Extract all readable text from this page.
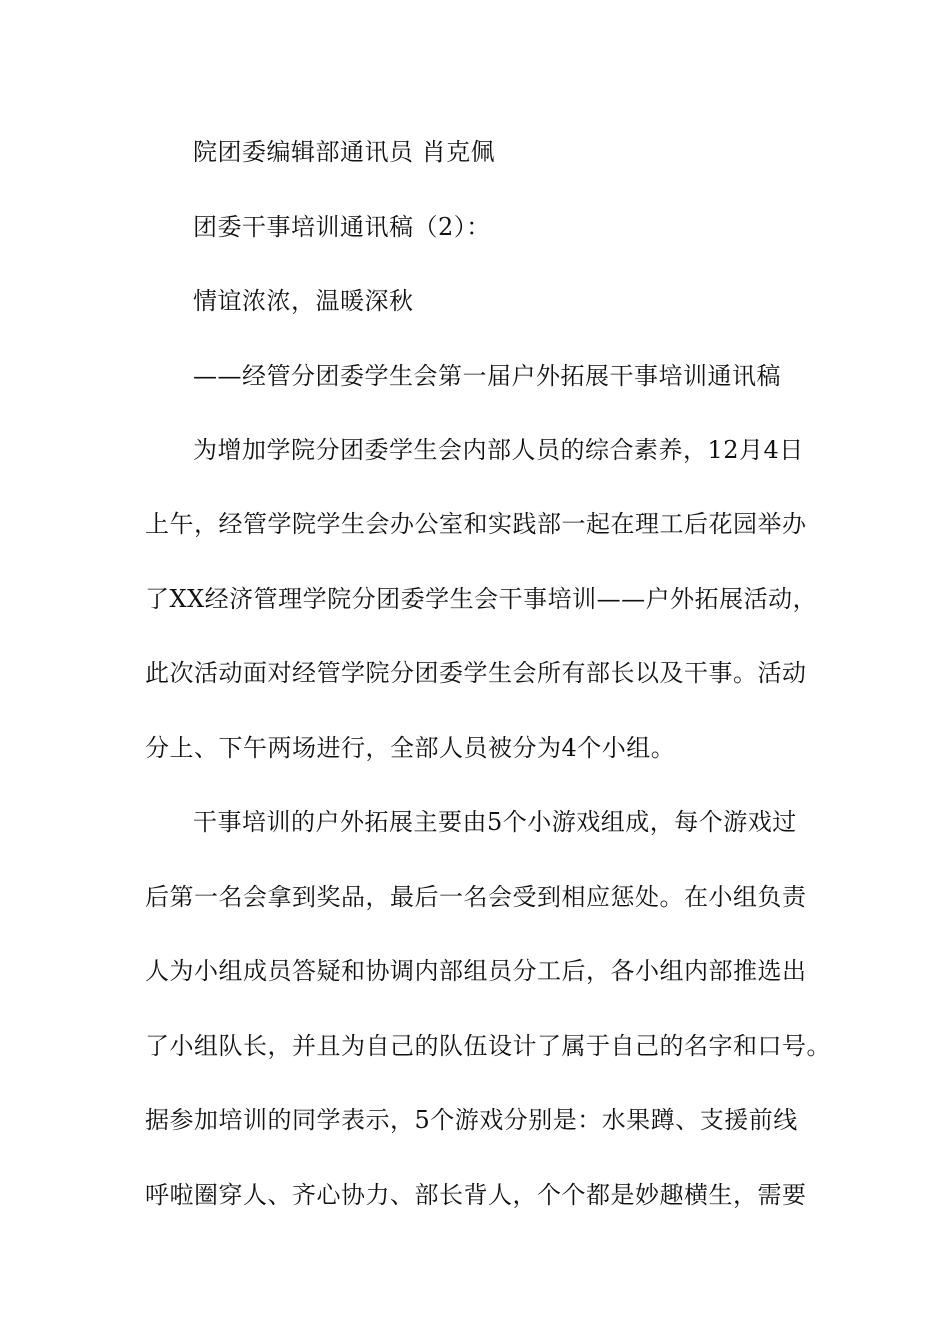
院团委编辑部通讯员 肖克佩
团委干事培训通讯稿（2）：
情谊浓浓，温暖深秋
——经管分团委学生会第一届户外拓展干事培训通讯稿
为增加学院分团委学生会内部人员的综合素养，12月4日
上午，经管学院学生会办公室和实践部一起在理工后花园举办
了XX经济管理学院分团委学生会干事培训——户外拓展活动，
此次活动面对经管学院分团委学生会所有部长以及干事。活动
分上、下午两场进行，全部人员被分为4个小组。
干事培训的户外拓展主要由5个小游戏组成，每个游戏过
后第一名会拿到奖品，最后一名会受到相应惩处。在小组负责
人为小组成员答疑和协调内部组员分工后，各小组内部推选出
了小组队长，并且为自己的队伍设计了属于自己的名字和口号。
据参加培训的同学表示，5个游戏分别是：水果蹲、支援前线
呼啦圈穿人、齐心协力、部长背人，个个都是妙趣横生，需要
